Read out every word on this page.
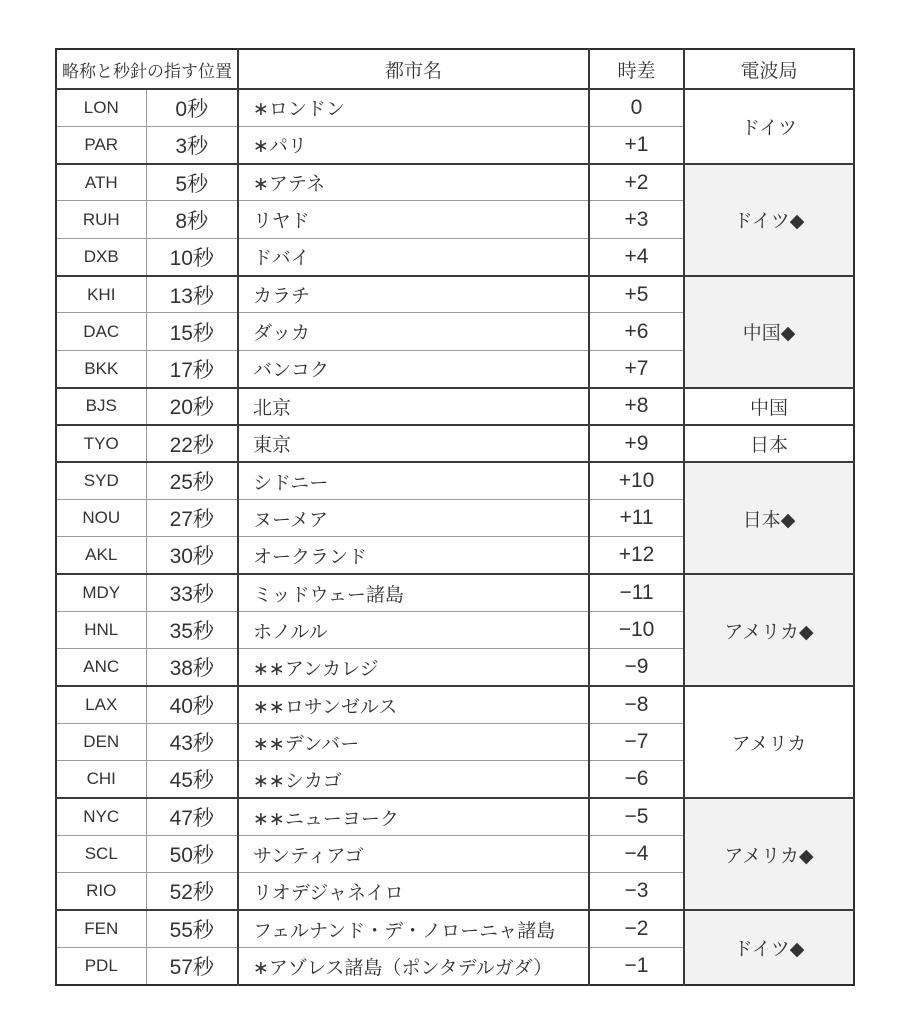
略称と秒針の指す位置		都市名	時差	電波局
LON	0秒	∗ロンドン	0	ドイツ
PAR	3秒	∗パリ	+1	
ATH	5秒	∗アテネ	+2	ドイツ◆
RUH	8秒	リヤド	+3	
DXB	10秒	ドバイ	+4	
KHI	13秒	カラチ	+5	中国◆
DAC	15秒	ダッカ	+6	
BKK	17秒	バンコク	+7	
BJS	20秒	北京	+8	中国
TYO	22秒	東京	+9	日本
SYD	25秒	シドニー	+10	日本◆
NOU	27秒	ヌーメア	+11	
AKL	30秒	オークランド	+12	
MDY	33秒	ミッドウェー諸島	−11	アメリカ◆
HNL	35秒	ホノルル	−10	
ANC	38秒	∗∗アンカレジ	−9	
LAX	40秒	∗∗ロサンゼルス	−8	アメリカ
DEN	43秒	∗∗デンバー	−7	
CHI	45秒	∗∗シカゴ	−6	
NYC	47秒	∗∗ニューヨーク	−5	アメリカ◆
SCL	50秒	サンティアゴ	−4	
RIO	52秒	リオデジャネイロ	−3	
FEN	55秒	フェルナンド・デ・ノローニャ諸島	−2	ドイツ◆
PDL	57秒	∗アゾレス諸島（ポンタデルガダ）	−1	
